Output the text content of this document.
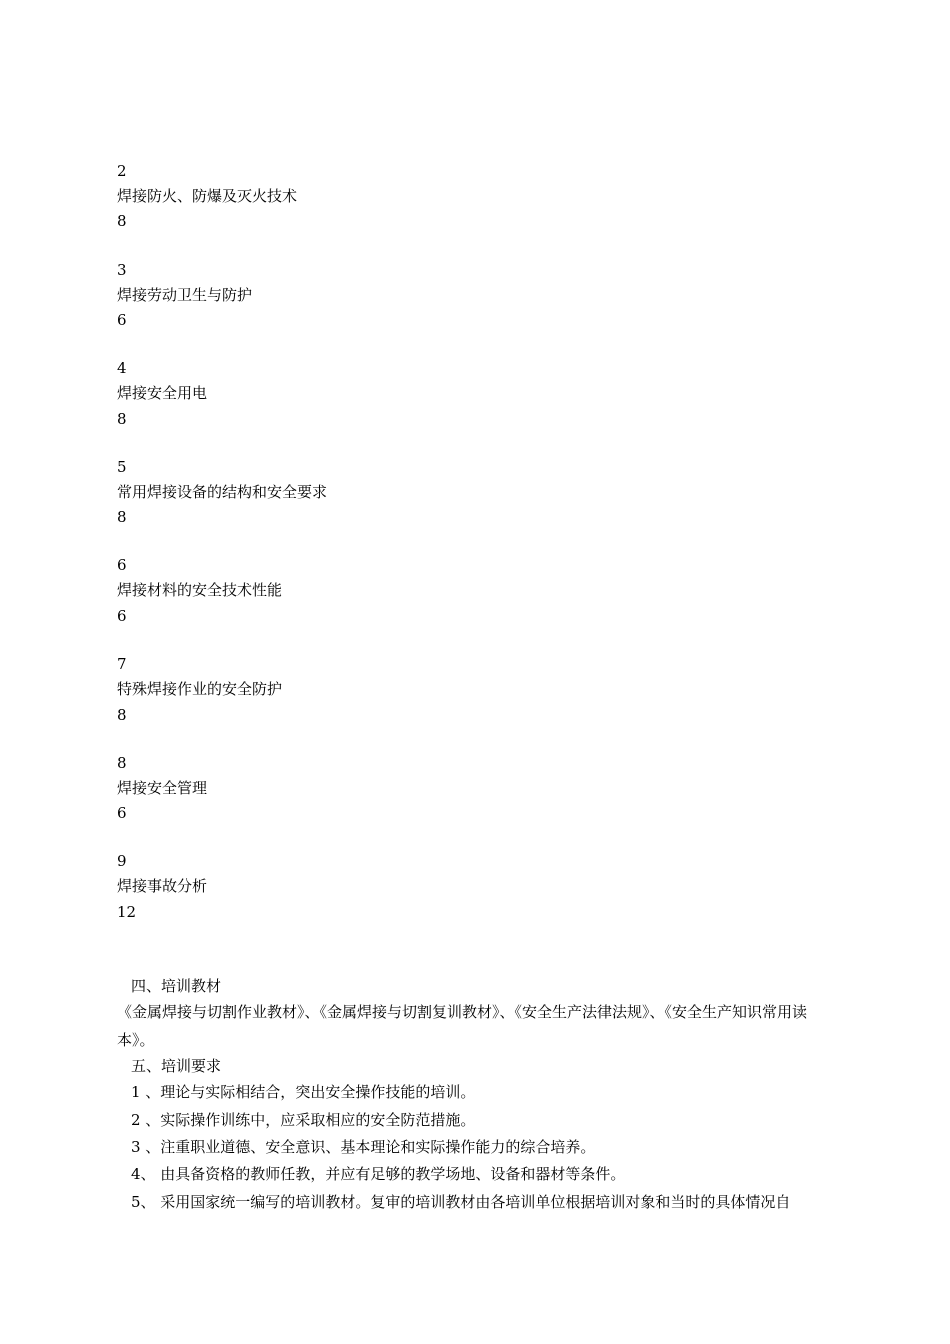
2
焊接防火、防爆及灭火技术
8
3
焊接劳动卫生与防护
6
4
焊接安全用电
8
5
常用焊接设备的结构和安全要求
8
6
焊接材料的安全技术性能
6
7
特殊焊接作业的安全防护
8
8
焊接安全管理
6
9
焊接事故分析
12
四、培训教材
《金属焊接与切割作业教材》、《金属焊接与切割复训教材》、《安全生产法律法规》、《安全生产知识常用读本》。
五、培训要求
1 、理论与实际相结合，突出安全操作技能的培训。
2 、实际操作训练中，应采取相应的安全防范措施。
3 、注重职业道德、安全意识、基本理论和实际操作能力的综合培养。
4、 由具备资格的教师任教，并应有足够的教学场地、设备和器材等条件。
5、 采用国家统一编写的培训教材。复审的培训教材由各培训单位根据培训对象和当时的具体情况自
